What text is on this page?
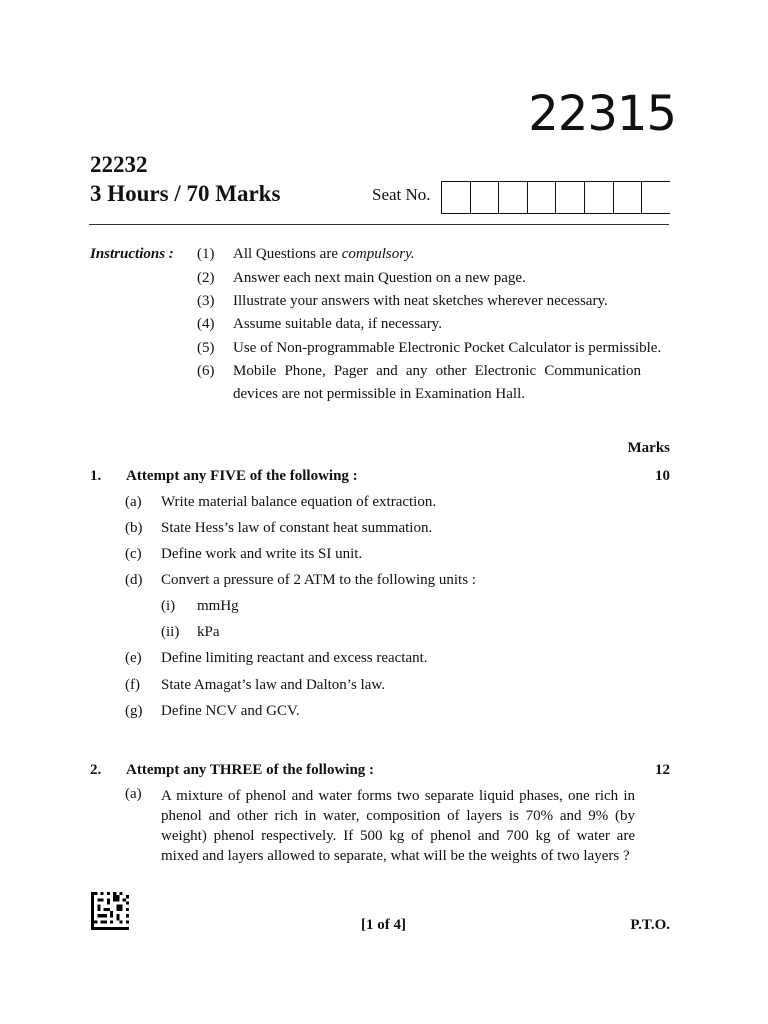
22315
22232
3 Hours / 70 Marks	Seat No.
Instructions : (1) All Questions are compulsory.
(2) Answer each next main Question on a new page.
(3) Illustrate your answers with neat sketches wherever necessary.
(4) Assume suitable data, if necessary.
(5) Use of Non-programmable Electronic Pocket Calculator is permissible.
(6) Mobile Phone, Pager and any other Electronic Communication
devices are not permissible in Examination Hall.
Marks
1. Attempt any FIVE of the following :	10
(a) Write material balance equation of extraction.
(b) State Hess’s law of constant heat summation.
(c) Define work and write its SI unit.
(d) Convert a pressure of 2 ATM to the following units :
(i) mmHg
(ii) kPa
(e) Define limiting reactant and excess reactant.
(f) State Amagat’s law and Dalton’s law.
(g) Define NCV and GCV.
2. Attempt any THREE of the following :	12
(a) A mixture of phenol and water forms two separate liquid phases, one rich in phenol and other rich in water, composition of layers is 70% and 9% (by weight) phenol respectively. If 500 kg of phenol and 700 kg of water are mixed and layers allowed to separate, what will be the weights of two layers ?
[1 of 4]	P.T.O.
